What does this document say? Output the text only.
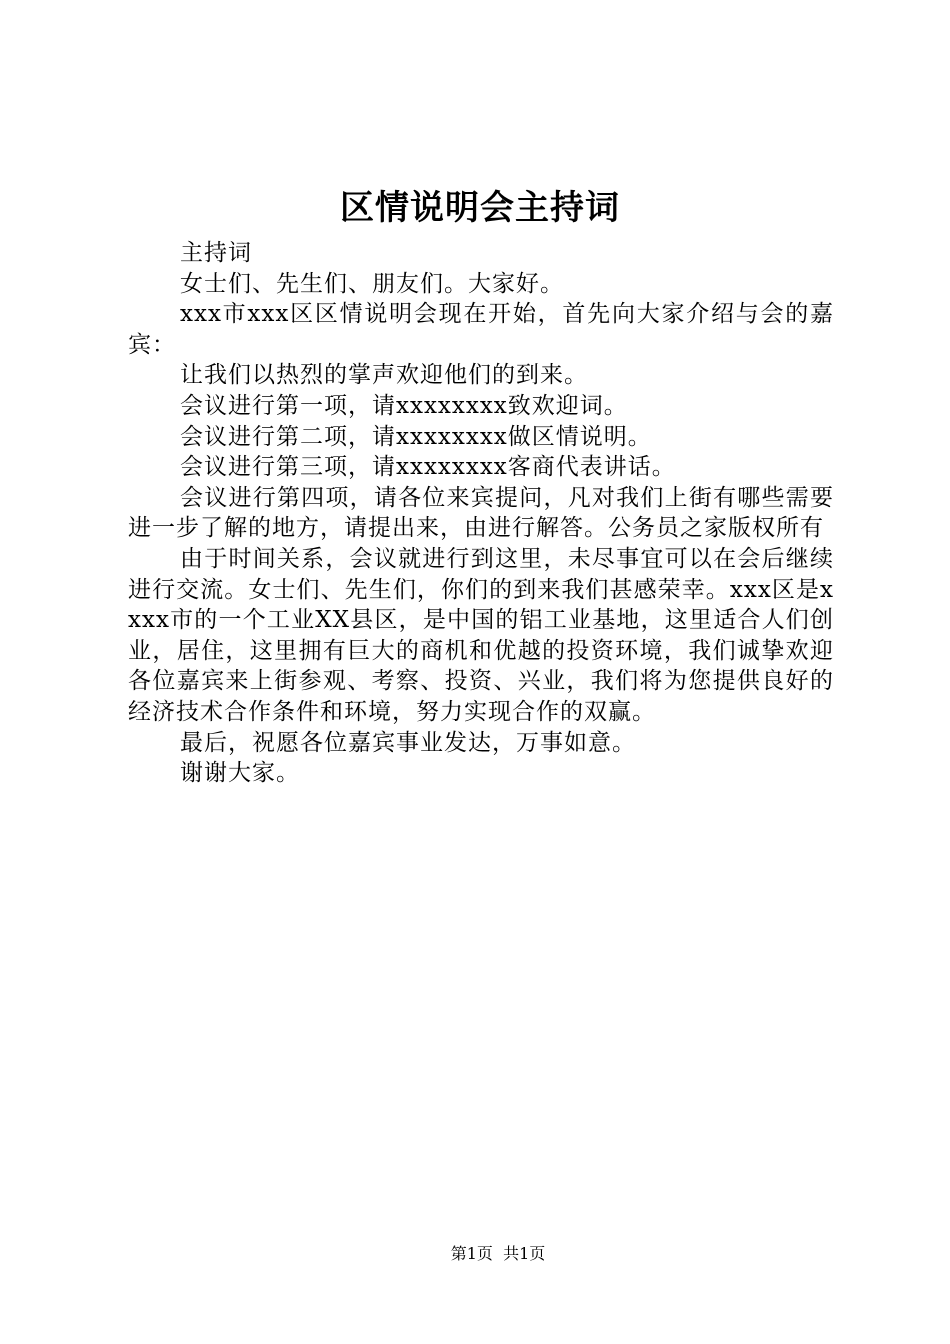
区情说明会主持词

主持词

女士们、先生们、朋友们。大家好。

xxx市xxx区区情说明会现在开始，首先向大家介绍与会的嘉宾：

让我们以热烈的掌声欢迎他们的到来。

会议进行第一项，请xxxxxxxx致欢迎词。

会议进行第二项，请xxxxxxxx做区情说明。

会议进行第三项，请xxxxxxxx客商代表讲话。

会议进行第四项，请各位来宾提问，凡对我们上街有哪些需要进一步了解的地方，请提出来，由进行解答。公务员之家版权所有

由于时间关系，会议就进行到这里，未尽事宜可以在会后继续进行交流。女士们、先生们，你们的到来我们甚感荣幸。xxx区是xxxx市的一个工业XX县区，是中国的铝工业基地，这里适合人们创业，居住，这里拥有巨大的商机和优越的投资环境，我们诚挚欢迎各位嘉宾来上街参观、考察、投资、兴业，我们将为您提供良好的经济技术合作条件和环境，努力实现合作的双赢。

最后，祝愿各位嘉宾事业发达，万事如意。

谢谢大家。

第1页  共1页
